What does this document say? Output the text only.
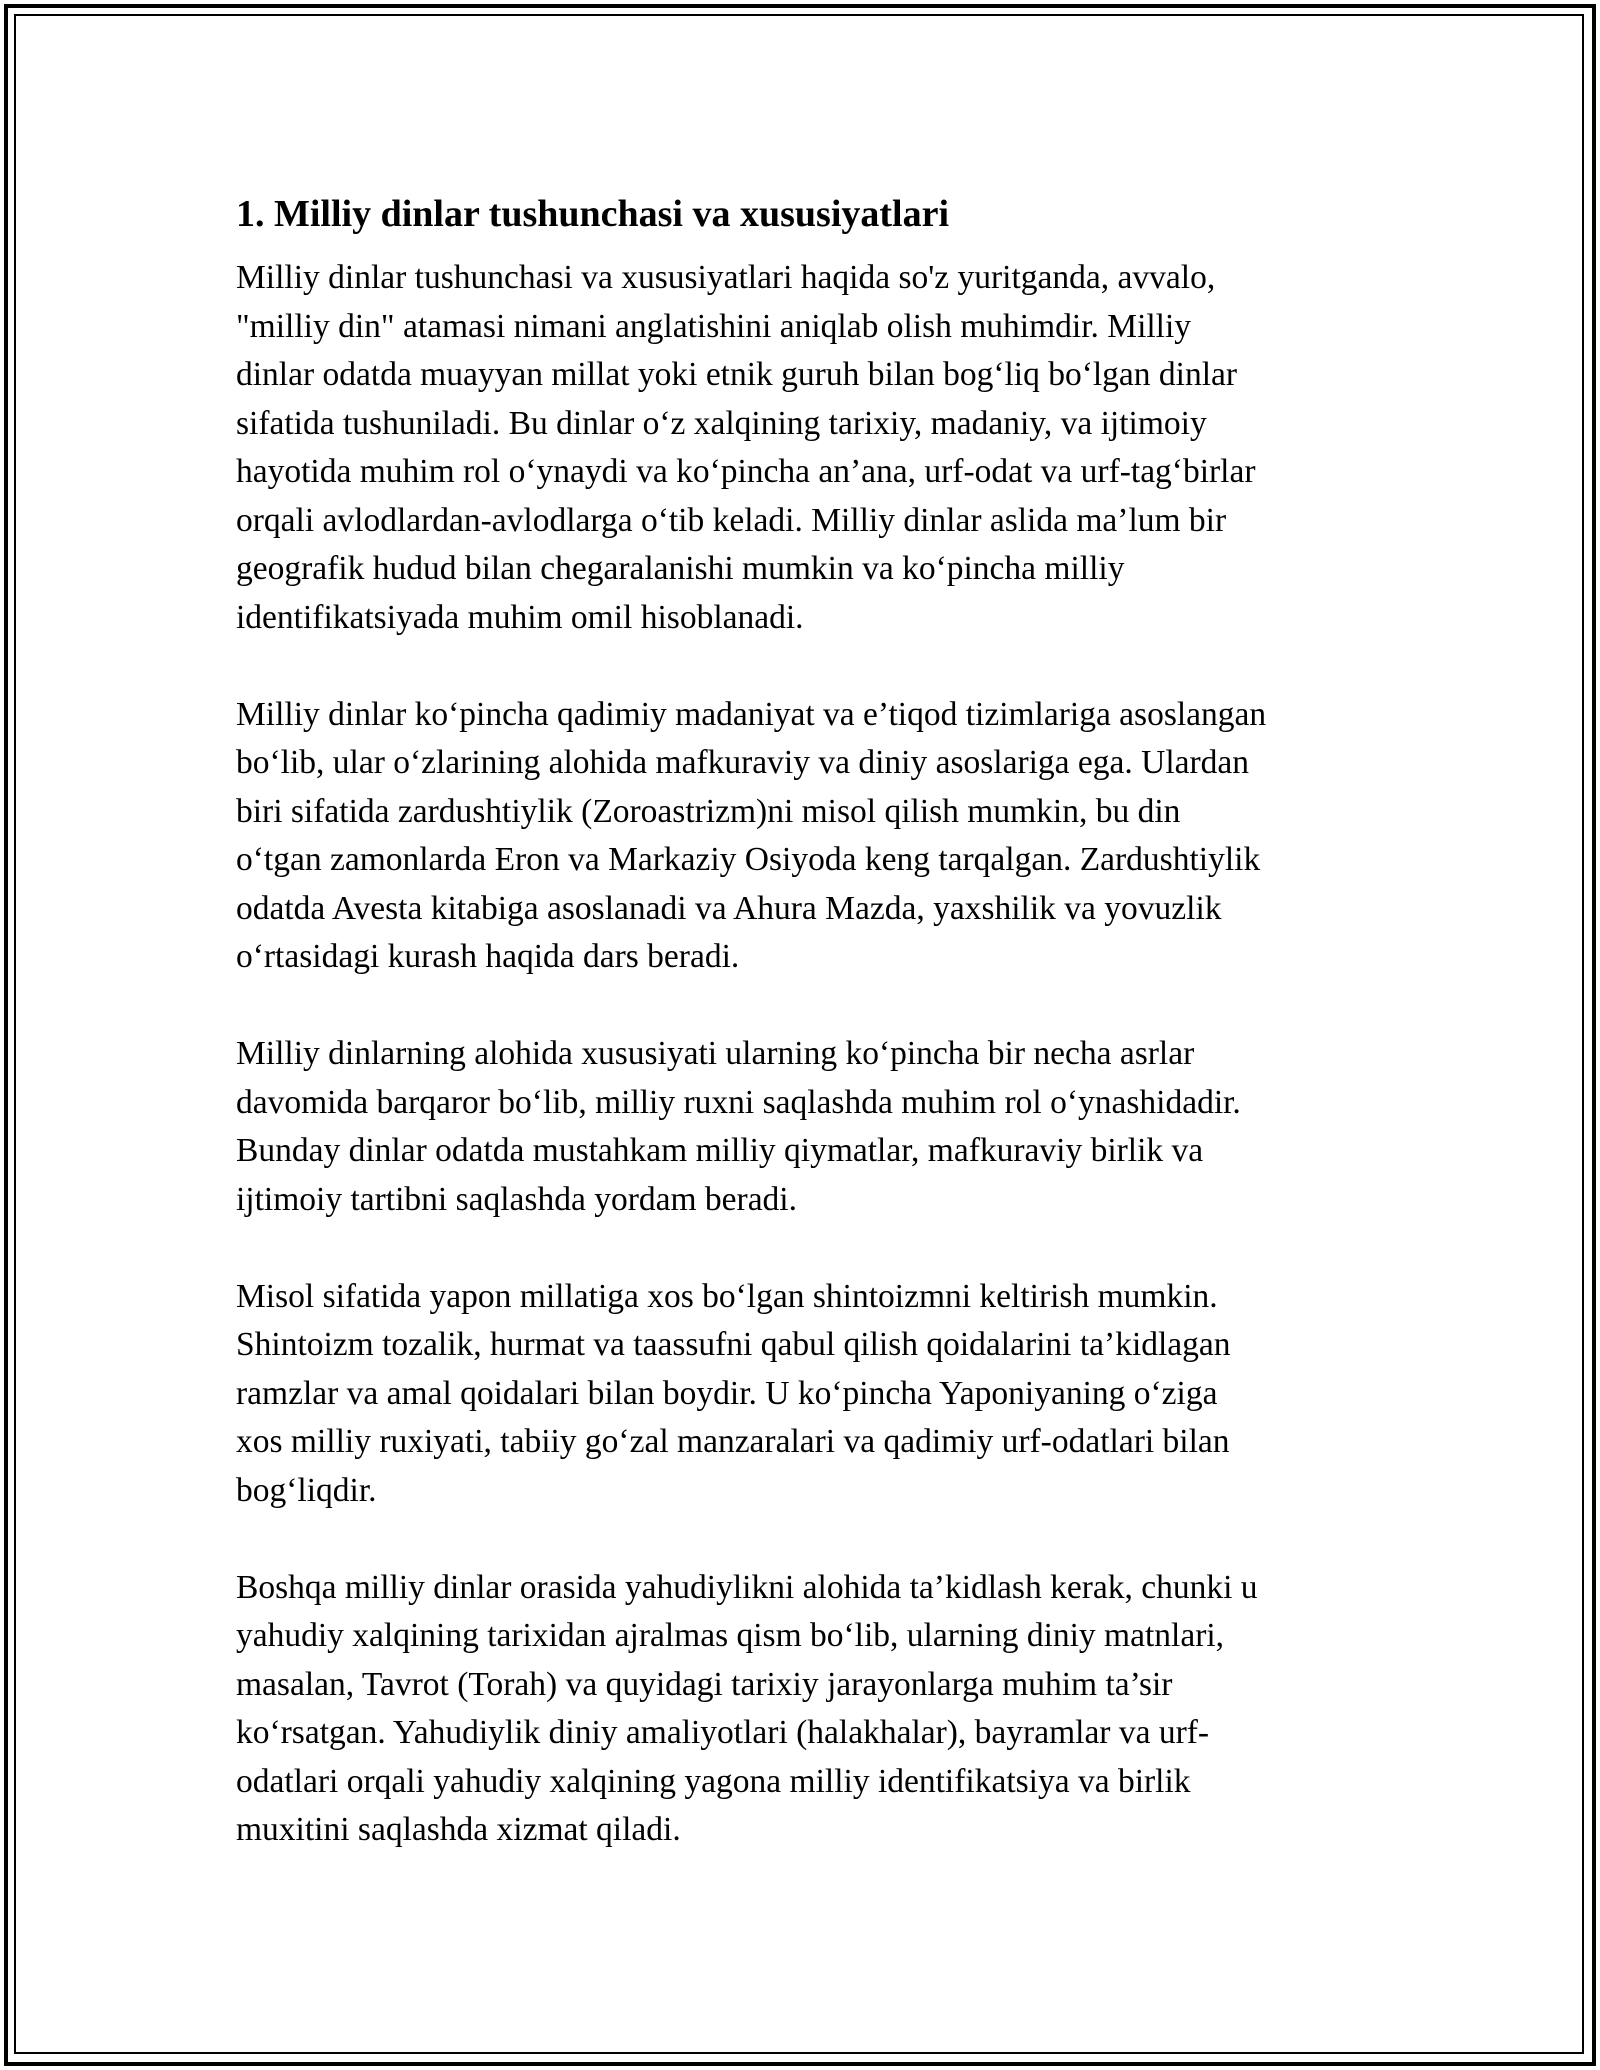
1. Milliy dinlar tushunchasi va xususiyatlari
Milliy dinlar tushunchasi va xususiyatlari haqida so'z yuritganda, avvalo,
"milliy din" atamasi nimani anglatishini aniqlab olish muhimdir. Milliy
dinlar odatda muayyan millat yoki etnik guruh bilan bog‘liq bo‘lgan dinlar
sifatida tushuniladi. Bu dinlar o‘z xalqining tarixiy, madaniy, va ijtimoiy
hayotida muhim rol o‘ynaydi va ko‘pincha an’ana, urf-odat va urf-tag‘birlar
orqali avlodlardan-avlodlarga o‘tib keladi. Milliy dinlar aslida ma’lum bir
geografik hudud bilan chegaralanishi mumkin va ko‘pincha milliy
identifikatsiyada muhim omil hisoblanadi.
Milliy dinlar ko‘pincha qadimiy madaniyat va e’tiqod tizimlariga asoslangan
bo‘lib, ular o‘zlarining alohida mafkuraviy va diniy asoslariga ega. Ulardan
biri sifatida zardushtiylik (Zoroastrizm)ni misol qilish mumkin, bu din
o‘tgan zamonlarda Eron va Markaziy Osiyoda keng tarqalgan. Zardushtiylik
odatda Avesta kitabiga asoslanadi va Ahura Mazda, yaxshilik va yovuzlik
o‘rtasidagi kurash haqida dars beradi.
Milliy dinlarning alohida xususiyati ularning ko‘pincha bir necha asrlar
davomida barqaror bo‘lib, milliy ruxni saqlashda muhim rol o‘ynashidadir.
Bunday dinlar odatda mustahkam milliy qiymatlar, mafkuraviy birlik va
ijtimoiy tartibni saqlashda yordam beradi.
Misol sifatida yapon millatiga xos bo‘lgan shintoizmni keltirish mumkin.
Shintoizm tozalik, hurmat va taassufni qabul qilish qoidalarini ta’kidlagan
ramzlar va amal qoidalari bilan boydir. U ko‘pincha Yaponiyaning o‘ziga
xos milliy ruxiyati, tabiiy go‘zal manzaralari va qadimiy urf-odatlari bilan
bog‘liqdir.
Boshqa milliy dinlar orasida yahudiylikni alohida ta’kidlash kerak, chunki u
yahudiy xalqining tarixidan ajralmas qism bo‘lib, ularning diniy matnlari,
masalan, Tavrot (Torah) va quyidagi tarixiy jarayonlarga muhim ta’sir
ko‘rsatgan. Yahudiylik diniy amaliyotlari (halakhalar), bayramlar va urf-
odatlari orqali yahudiy xalqining yagona milliy identifikatsiya va birlik
muxitini saqlashda xizmat qiladi.
